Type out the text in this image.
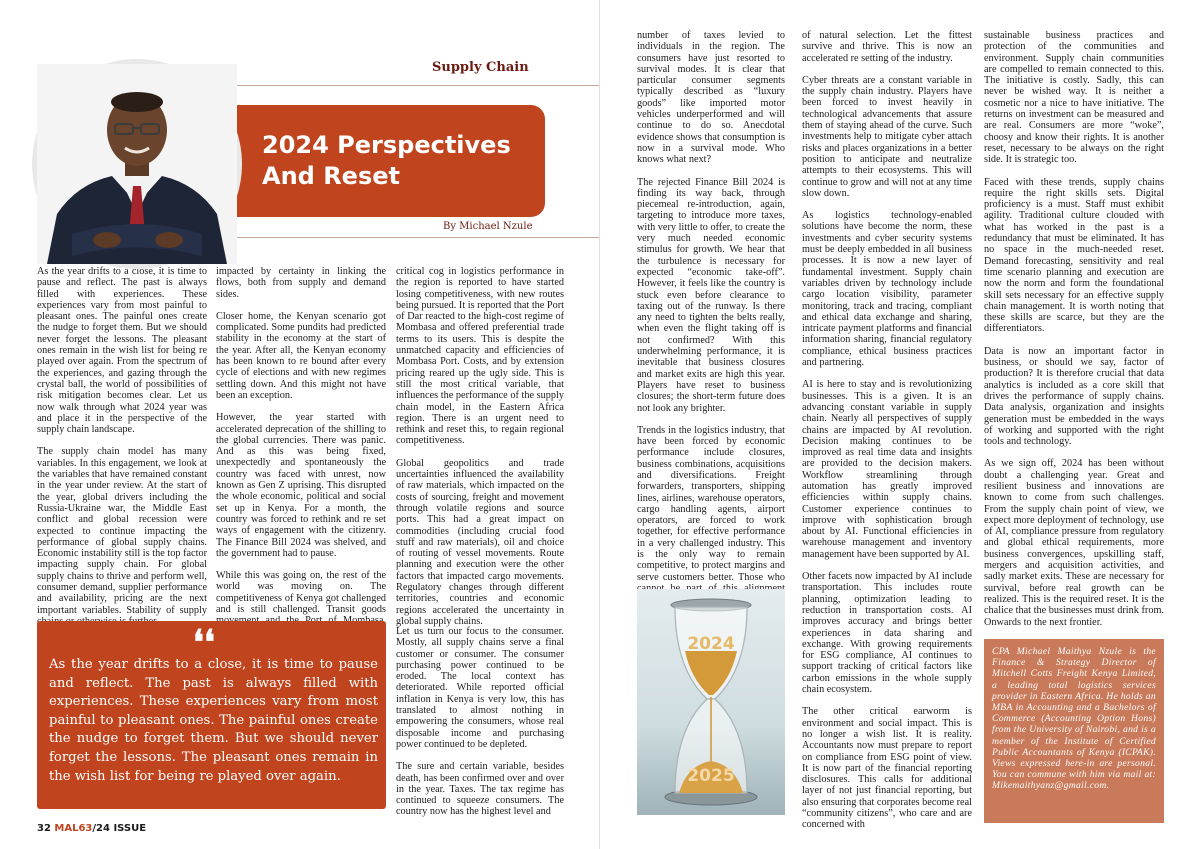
Supply Chain
2024 Perspectives
And Reset
By Michael Nzule

As the year drifts to a close, it is time to pause and reflect. The past is always filled with experiences. These experiences vary from most painful to pleasant ones. The painful ones create the nudge to forget them. But we should never forget the lessons. The pleasant ones remain in the wish list for being re played over again. From the spectrum of the experiences, and gazing through the crystal ball, the world of possibilities of risk mitigation becomes clear. Let us now walk through what 2024 year was and place it in the perspective of the supply chain landscape.

The supply chain model has many variables. In this engagement, we look at the variables that have remained constant in the year under review. At the start of the year, global drivers including the Russia-Ukraine war, the Middle East conflict and global recession were expected to continue impacting the performance of global supply chains. Economic instability still is the top factor impacting supply chain. For global supply chains to thrive and perform well, consumer demand, supplier performance and availability, pricing are the next important variables. Stability of supply

impacted by certainty in linking the flows, both from supply and demand sides.

Closer home, the Kenyan scenario got complicated. Some pundits had predicted stability in the economy at the start of the year. After all, the Kenyan economy has been known to re bound after every cycle of elections and with new regimes settling down. And this might not have been an exception.

However, the year started with accelerated deprecation of the shilling to the global currencies. There was panic. And as this was being fixed, unexpectedly and spontaneously the country was faced with unrest, now known as Gen Z uprising. This disrupted the whole economic, political and social set up in Kenya. For a month, the country was forced to rethink and re set ways of engagement with the citizenry. The Finance Bill 2024 was shelved, and the government had to pause.

While this was going on, the rest of the world was moving on. The competitiveness of Kenya got challenged and is still challenged. Transit goods

critical cog in logistics performance in the region is reported to have started losing competitiveness, with new routes being pursued. It is reported that the Port of Dar reacted to the high-cost regime of Mombasa and offered preferential trade terms to its users. This is despite the unmatched capacity and efficiencies of Mombasa Port. Costs, and by extension pricing reared up the ugly side. This is still the most critical variable, that influences the performance of the supply chain model, in the Eastern Africa region. There is an urgent need to rethink and reset this, to regain regional competitiveness.

Global geopolitics and trade uncertainties influenced the availability of raw materials, which impacted on the costs of sourcing, freight and movement through volatile regions and source ports. This had a great impact on commodities (including crucial food stuff and raw materials), oil and choice of routing of vessel movements. Route planning and execution were the other factors that impacted cargo movements. Regulatory changes through different territories, countries and economic regions accelerated the uncertainty in global supply chains.

Let us turn our focus to the consumer. Mostly, all supply chains serve a final customer or consumer. The consumer purchasing power continued to be eroded. The local context has deteriorated. While reported official inflation in Kenya is very low, this has translated to almost nothing in empowering the consumers, whose real disposable income and purchasing power continued to be depleted.

The sure and certain variable, besides death, has been confirmed over and over in the year. Taxes. The tax regime has continued to squeeze consumers. The country now has the highest level and

❛❛
As the year drifts to a close, it is time to pause and reflect. The past is always filled with experiences. These experiences vary from most painful to pleasant ones. The painful ones create the nudge to forget them. But we should never forget the lessons. The pleasant ones remain in the wish list for being re played over again.
32 MAL63/24 ISSUE

number of taxes levied to individuals in the region. The consumers have just resorted to survival modes. It is clear that particular consumer segments typically described as “luxury goods” like imported motor vehicles underperformed and will continue to do so. Anecdotal evidence shows that consumption is now in a survival mode. Who knows what next?

The rejected Finance Bill 2024 is finding its way back, through piecemeal re-introduction, again, targeting to introduce more taxes, with very little to offer, to create the very much needed economic stimulus for growth. We hear that the turbulence is necessary for expected “economic take-off”. However, it feels like the country is stuck even before clearance to taxing out of the runway. Is there any need to tighten the belts really, when even the flight taking off is not confirmed? With this underwhelming performance, it is inevitable that business closures and market exits are high this year. Players have reset to business closures; the short-term future does not look any brighter.

Trends in the logistics industry, that have been forced by economic performance include closures, business combinations, acquisitions and diversifications. Freight forwarders, transporters, shipping lines, airlines, warehouse operators, cargo handling agents, airport operators, are forced to work together, for effective performance in a very challenged industry. This is the only way to remain competitive, to protect margins and serve customers better. Those who

2024
2025

of natural selection. Let the fittest survive and thrive. This is now an accelerated re setting of the industry.

Cyber threats are a constant variable in the supply chain industry. Players have been forced to invest heavily in technological advancements that assure them of staying ahead of the curve. Such investments help to mitigate cyber attach risks and places organizations in a better position to anticipate and neutralize attempts to their ecosystems. This will continue to grow and will not at any time slow down.

As logistics technology-enabled solutions have become the norm, these investments and cyber security systems must be deeply embedded in all business processes. It is now a new layer of fundamental investment. Supply chain variables driven by technology include cargo location visibility, parameter monitoring, track and tracing, compliant and ethical data exchange and sharing, intricate payment platforms and financial information sharing, financial regulatory compliance, ethical business practices and partnering.

AI is here to stay and is revolutionizing businesses. This is a given. It is an advancing constant variable in supply chain. Nearly all perspectives of supply chains are impacted by AI revolution. Decision making continues to be improved as real time data and insights are provided to the decision makers. Workflow streamlining through automation has greatly improved efficiencies within supply chains. Customer experience continues to improve with sophistication brough about by AI. Functional efficiencies in warehouse management and inventory management have been supported by AI.

Other facets now impacted by AI include transportation. This includes route planning, optimization leading to reduction in transportation costs. AI improves accuracy and brings better experiences in data sharing and exchange. With growing requirements for ESG compliance, AI continues to support tracking of critical factors like carbon emissions in the whole supply chain ecosystem.

The other critical earworm is environment and social impact. This is no longer a wish list. It is reality. Accountants now must prepare to report on compliance from ESG point of view. It is now part of the financial reporting disclosures. This calls for additional layer of not just financial reporting, but also ensuring that corporates become real “community citizens”, who care and are concerned with

sustainable business practices and protection of the communities and environment. Supply chain communities are compelled to remain connected to this. The initiative is costly. Sadly, this can never be wished way. It is neither a cosmetic nor a nice to have initiative. The returns on investment can be measured and are real. Consumers are more “woke”, choosy and know their rights. It is another reset, necessary to be always on the right side. It is strategic too.

Faced with these trends, supply chains require the right skills sets. Digital proficiency is a must. Staff must exhibit agility. Traditional culture clouded with what has worked in the past is a redundancy that must be eliminated. It has no space in the much-needed reset. Demand forecasting, sensitivity and real time scenario planning and execution are now the norm and form the foundational skill sets necessary for an effective supply chain management. It is worth noting that these skills are scarce, but they are the differentiators.

Data is now an important factor in business, or should we say, factor of production? It is therefore crucial that data analytics is included as a core skill that drives the performance of supply chains. Data analysis, organization and insights generation must be embedded in the ways of working and supported with the right tools and technology.

As we sign off, 2024 has been without doubt a challenging year. Great and resilient business and innovations are known to come from such challenges. From the supply chain point of view, we expect more deployment of technology, use of AI, compliance pressure from regulatory and global ethical requirements, more business convergences, upskilling staff, mergers and acquisition activities, and sadly market exits. These are necessary for survival, before real growth can be realized. This is the required reset. It is the chalice that the businesses must drink from. Onwards to the next frontier.

CPA Michael Maithya Nzule is the Finance & Strategy Director of Mitchell Cotts Freight Kenya Limited, a leading total logistics services provider in Eastern Africa. He holds an MBA in Accounting and a Bachelors of Commerce (Accounting Option Hons) from the University of Nairobi, and is a member of the Institute of Certified Public Accountants of Kenya (ICPAK). Views expressed here-in are personal. You can commune with him via mail at: Mikemaithyanz@gmail.com.
